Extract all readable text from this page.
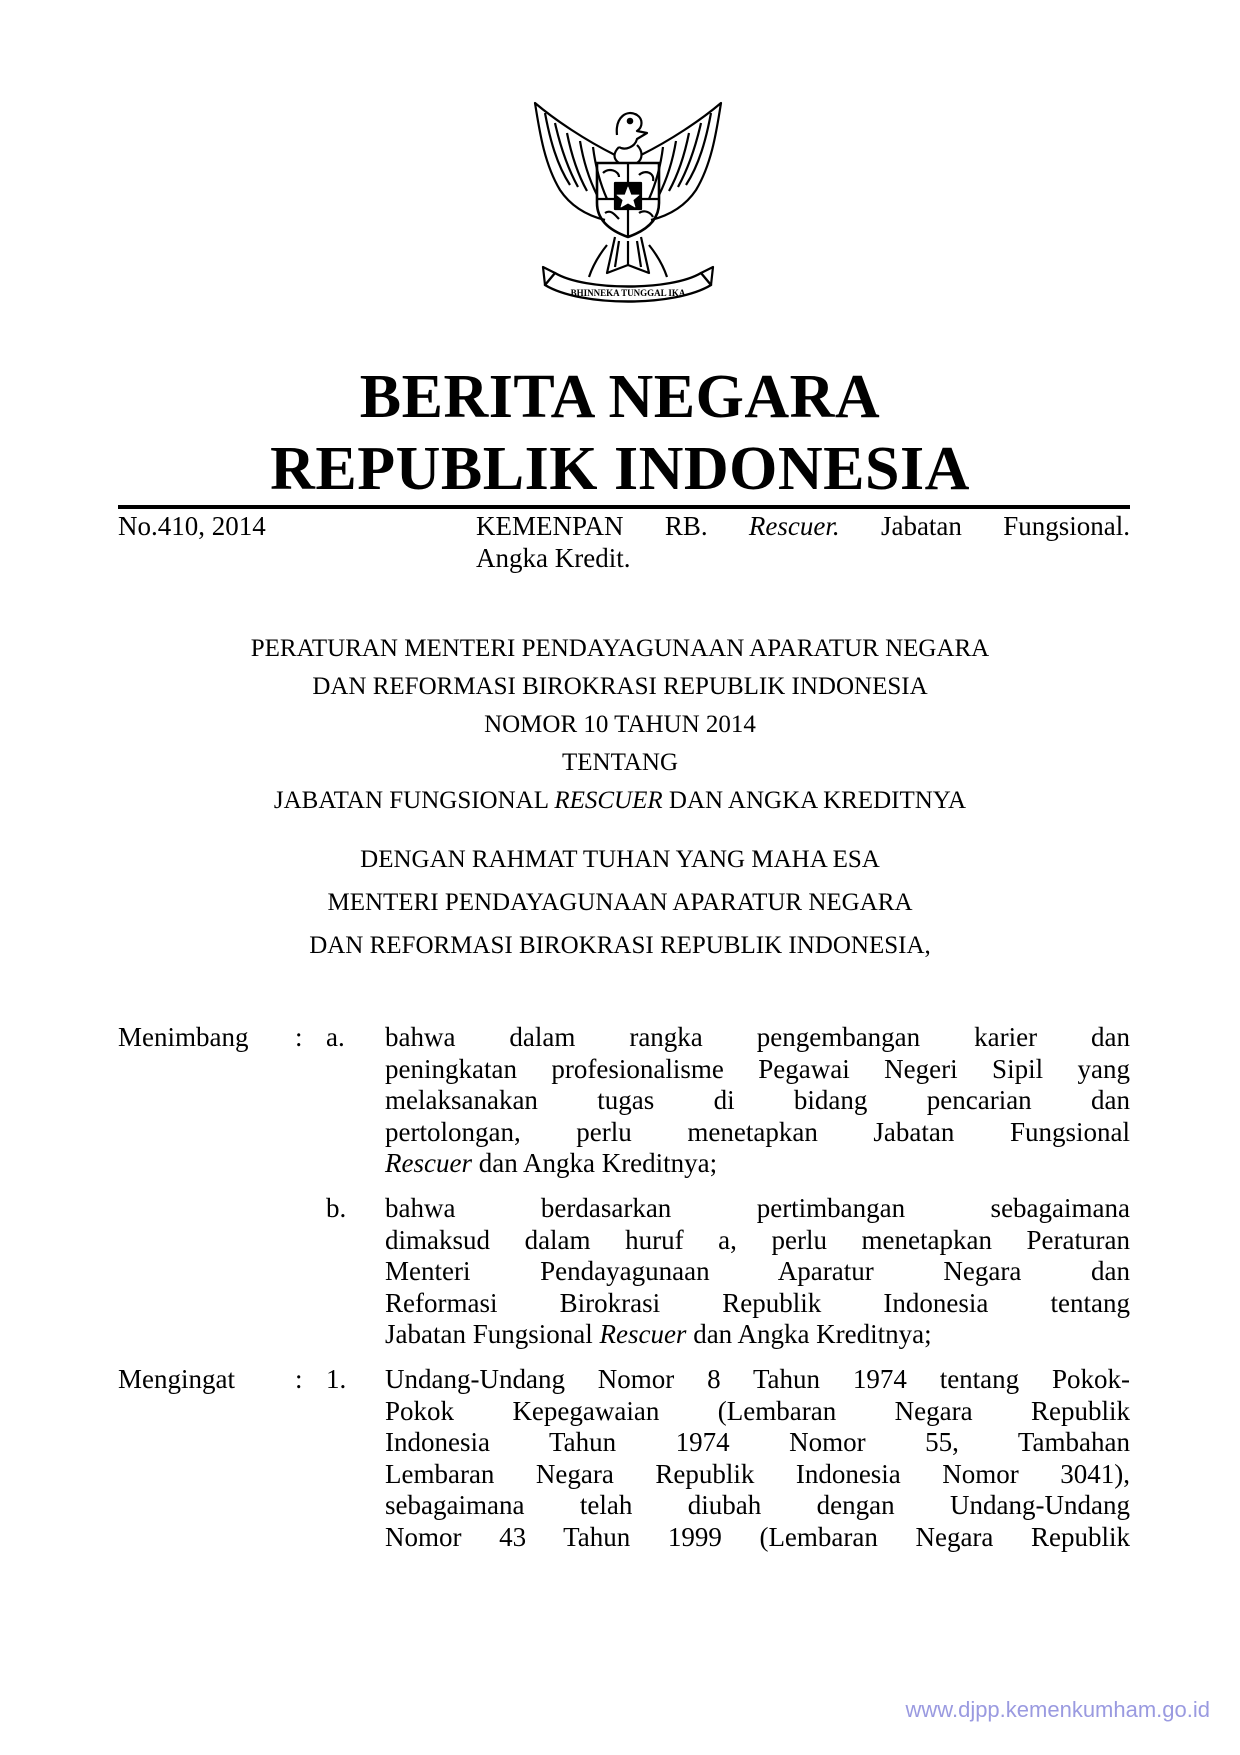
BHINNEKA TUNGGAL IKA
BERITA NEGARA
REPUBLIK INDONESIA
No.410, 2014	KEMENPAN RB. Rescuer. Jabatan Fungsional.
Angka Kredit.
PERATURAN MENTERI PENDAYAGUNAAN APARATUR NEGARA
DAN REFORMASI BIROKRASI REPUBLIK INDONESIA
NOMOR 10 TAHUN 2014
TENTANG
JABATAN FUNGSIONAL RESCUER DAN ANGKA KREDITNYA
DENGAN RAHMAT TUHAN YANG MAHA ESA
MENTERI PENDAYAGUNAAN APARATUR NEGARA
DAN REFORMASI BIROKRASI REPUBLIK INDONESIA,
Menimbang : a. bahwa dalam rangka pengembangan karier dan
peningkatan profesionalisme Pegawai Negeri Sipil yang
melaksanakan tugas di bidang pencarian dan
pertolongan, perlu menetapkan Jabatan Fungsional
Rescuer dan Angka Kreditnya;
b. bahwa berdasarkan pertimbangan sebagaimana
dimaksud dalam huruf a, perlu menetapkan Peraturan
Menteri Pendayagunaan Aparatur Negara dan
Reformasi Birokrasi Republik Indonesia tentang
Jabatan Fungsional Rescuer dan Angka Kreditnya;
Mengingat : 1. Undang-Undang Nomor 8 Tahun 1974 tentang Pokok-
Pokok Kepegawaian (Lembaran Negara Republik
Indonesia Tahun 1974 Nomor 55, Tambahan
Lembaran Negara Republik Indonesia Nomor 3041),
sebagaimana telah diubah dengan Undang-Undang
Nomor 43 Tahun 1999 (Lembaran Negara Republik
www.djpp.kemenkumham.go.id
